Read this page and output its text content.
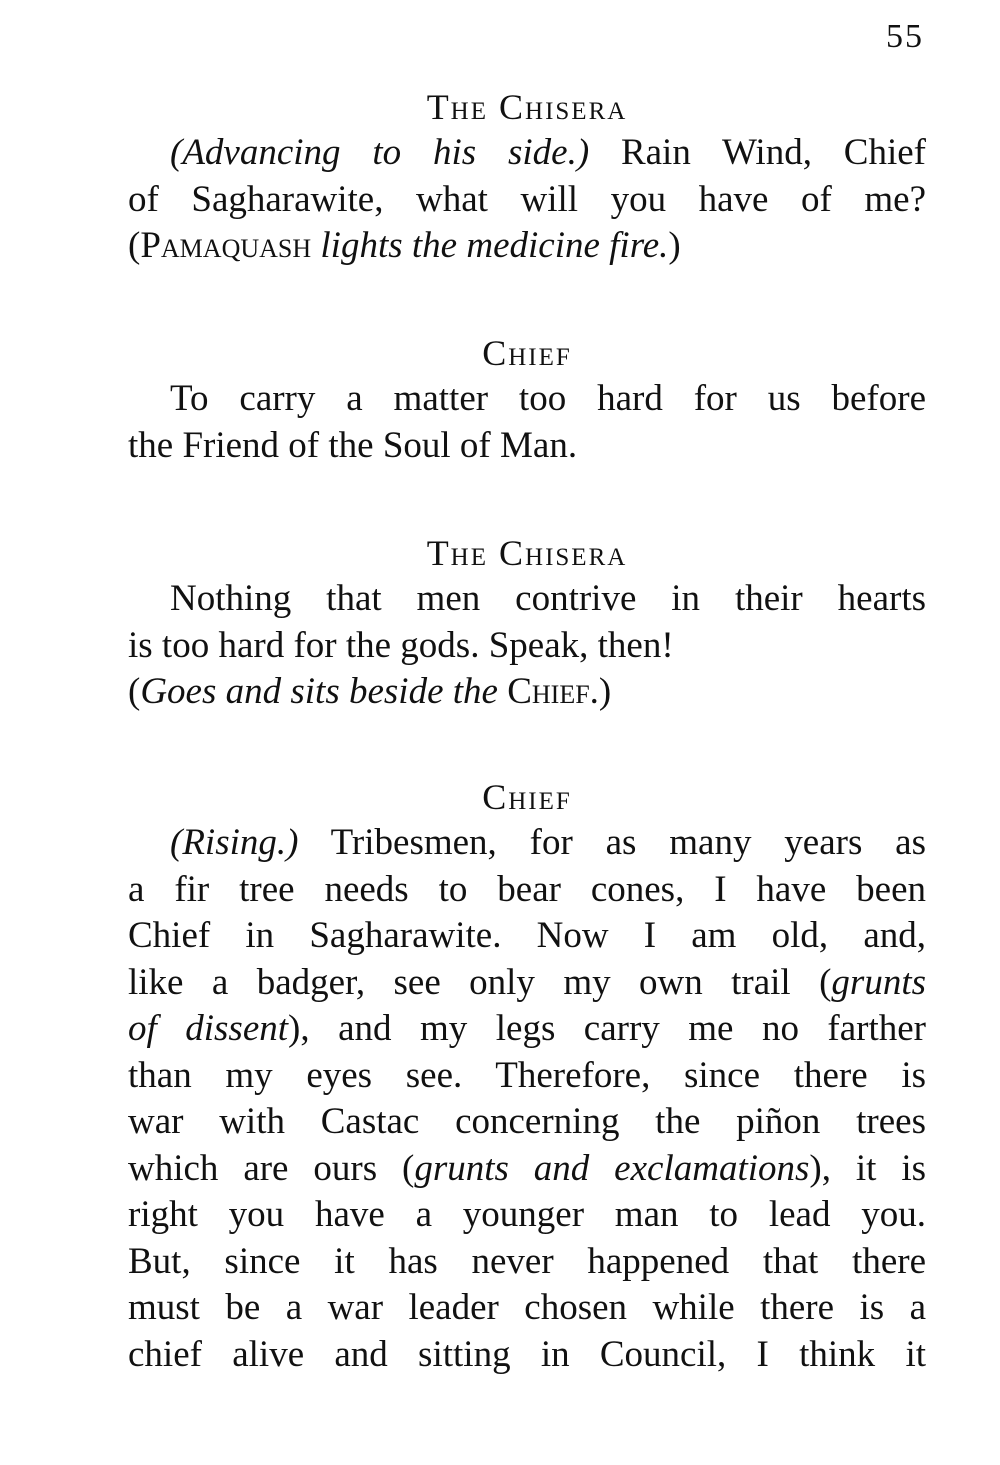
55
The Chisera
(Advancing to his side.) Rain Wind, Chief
of Sagharawite, what will you have of me?
(Pamaquash lights the medicine fire.)
Chief
To carry a matter too hard for us before
the Friend of the Soul of Man.
The Chisera
Nothing that men contrive in their hearts
is too hard for the gods. Speak, then!
(Goes and sits beside the Chief.)
Chief
(Rising.) Tribesmen, for as many years as
a fir tree needs to bear cones, I have been
Chief in Sagharawite. Now I am old, and,
like a badger, see only my own trail (grunts
of dissent), and my legs carry me no farther
than my eyes see. Therefore, since there is
war with Castac concerning the piñon trees
which are ours (grunts and exclamations), it is
right you have a younger man to lead you.
But, since it has never happened that there
must be a war leader chosen while there is a
chief alive and sitting in Council, I think it
